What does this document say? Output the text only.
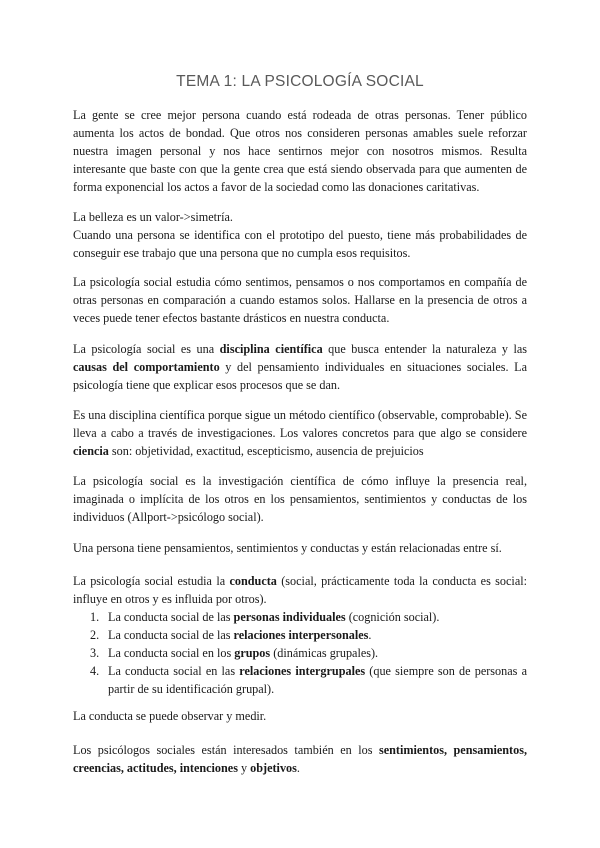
TEMA 1: LA PSICOLOGÍA SOCIAL

La gente se cree mejor persona cuando está rodeada de otras personas. Tener público aumenta los actos de bondad. Que otros nos consideren personas amables suele reforzar nuestra imagen personal y nos hace sentirnos mejor con nosotros mismos. Resulta interesante que baste con que la gente crea que está siendo observada para que aumenten de forma exponencial los actos a favor de la sociedad como las donaciones caritativas.

La belleza es un valor->simetría.

Cuando una persona se identifica con el prototipo del puesto, tiene más probabilidades de conseguir ese trabajo que una persona que no cumpla esos requisitos.

La psicología social estudia cómo sentimos, pensamos o nos comportamos en compañía de otras personas en comparación a cuando estamos solos. Hallarse en la presencia de otros a veces puede tener efectos bastante drásticos en nuestra conducta.

La psicología social es una disciplina científica que busca entender la naturaleza y las causas del comportamiento y del pensamiento individuales en situaciones sociales. La psicología tiene que explicar esos procesos que se dan.

Es una disciplina científica porque sigue un método científico (observable, comprobable). Se lleva a cabo a través de investigaciones. Los valores concretos para que algo se considere ciencia son: objetividad, exactitud, escepticismo, ausencia de prejuicios

La psicología social es la investigación científica de cómo influye la presencia real, imaginada o implícita de los otros en los pensamientos, sentimientos y conductas de los individuos (Allport->psicólogo social).

Una persona tiene pensamientos, sentimientos y conductas y están relacionadas entre sí.

La psicología social estudia la conducta (social, prácticamente toda la conducta es social: influye en otros y es influida por otros).

1. La conducta social de las personas individuales (cognición social).
2. La conducta social de las relaciones interpersonales.
3. La conducta social en los grupos (dinámicas grupales).
4. La conducta social en las relaciones intergrupales (que siempre son de personas a partir de su identificación grupal).

La conducta se puede observar y medir.

Los psicólogos sociales están interesados también en los sentimientos, pensamientos, creencias, actitudes, intenciones y objetivos.
